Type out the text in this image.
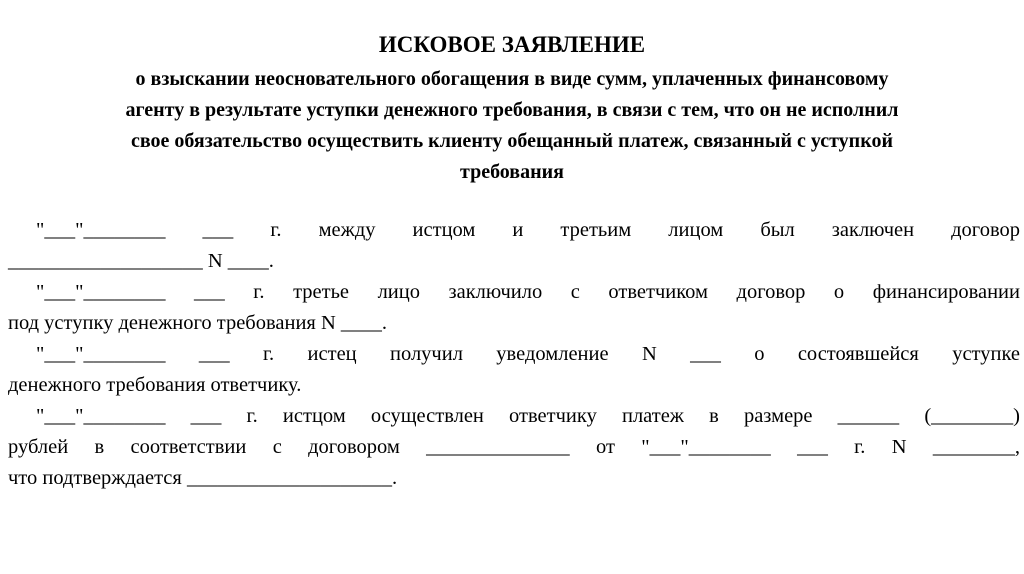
ИСКОВОЕ ЗАЯВЛЕНИЕ
о взыскании неосновательного обогащения в виде сумм, уплаченных финансовому
агенту в результате уступки денежного требования, в связи с тем, что он не исполнил
свое обязательство осуществить клиенту обещанный платеж, связанный с уступкой
требования
"___"________ ___ г. между истцом и третьим лицом был заключен договор
___________________ N ____.
"___"________ ___ г. третье лицо заключило с ответчиком договор о финансировании
под уступку денежного требования N ____.
"___"________ ___ г. истец получил уведомление N ___ о состоявшейся уступке
денежного требования ответчику.
"___"________ ___ г. истцом осуществлен ответчику платеж в размере ______ (________)
рублей в соответствии с договором ______________ от "___"________ ___ г. N ________,
что подтверждается ____________________.
